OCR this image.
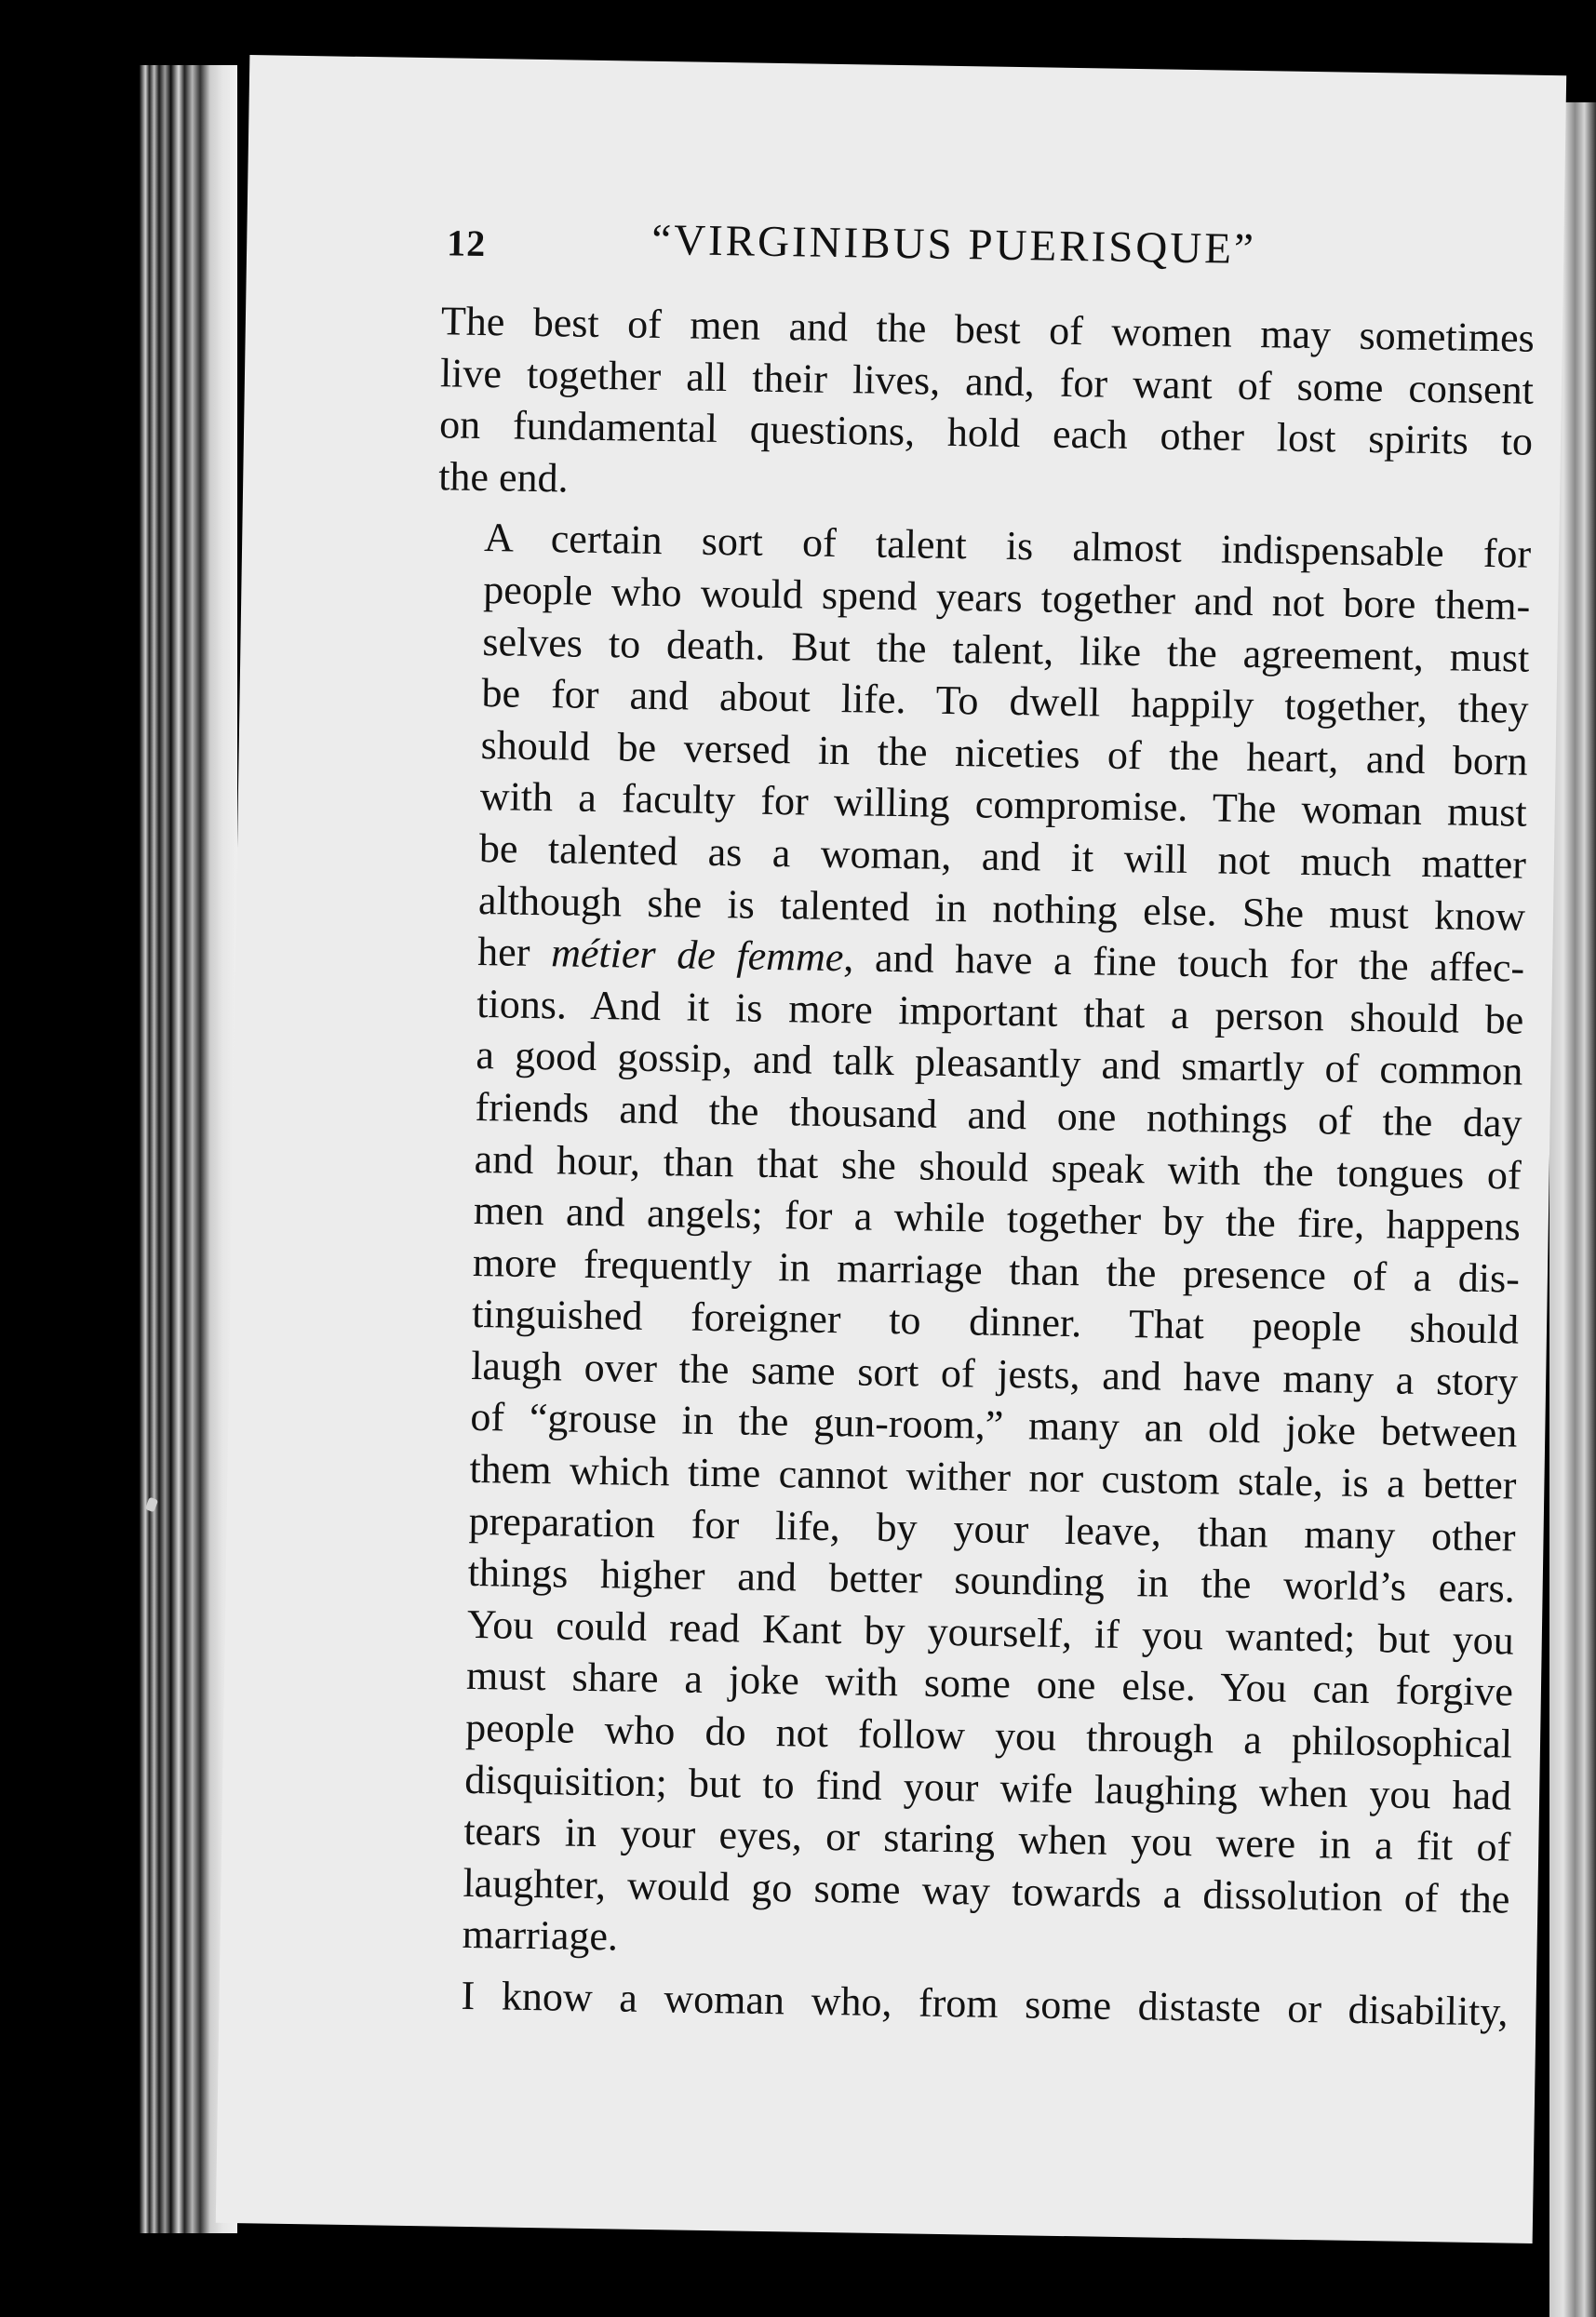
12	“VIRGINIBUS PUERISQUE”

The best of men and the best of women may sometimes
live together all their lives, and, for want of some consent
on fundamental questions, hold each other lost spirits to
the end.

A certain sort of talent is almost indispensable for
people who would spend years together and not bore them-
selves to death. But the talent, like the agreement, must
be for and about life. To dwell happily together, they
should be versed in the niceties of the heart, and born
with a faculty for willing compromise. The woman must
be talented as a woman, and it will not much matter
although she is talented in nothing else. She must know
her métier de femme, and have a fine touch for the affec-
tions. And it is more important that a person should be
a good gossip, and talk pleasantly and smartly of common
friends and the thousand and one nothings of the day
and hour, than that she should speak with the tongues of
men and angels; for a while together by the fire, happens
more frequently in marriage than the presence of a dis-
tinguished foreigner to dinner. That people should
laugh over the same sort of jests, and have many a story
of “grouse in the gun-room,” many an old joke between
them which time cannot wither nor custom stale, is a better
preparation for life, by your leave, than many other
things higher and better sounding in the world’s ears.
You could read Kant by yourself, if you wanted; but you
must share a joke with some one else. You can forgive
people who do not follow you through a philosophical
disquisition; but to find your wife laughing when you had
tears in your eyes, or staring when you were in a fit of
laughter, would go some way towards a dissolution of the
marriage.

I know a woman who, from some distaste or disability,
